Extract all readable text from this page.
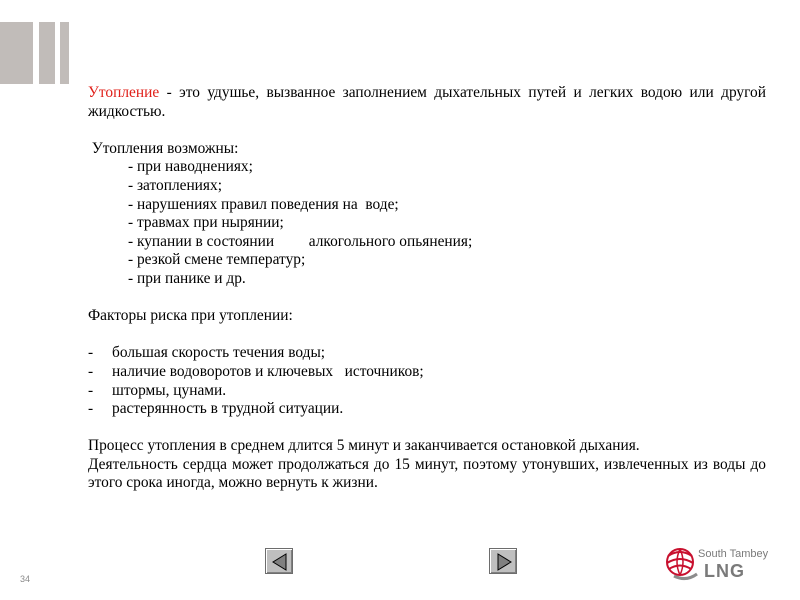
Утопление - это удушье, вызванное заполнением дыхательных путей и легких водою или другой жидкостью.

Утопления возможны:

- при наводнениях;

- затоплениях;

- нарушениях правил поведения на  воде;

- травмах при нырянии;

- купании в состоянии         алкогольного опьянения;

- резкой смене температур;

- при панике и др.

Факторы риска при утоплении:

-	большая скорость течения воды;
-	наличие водоворотов и ключевых   источников;
-	штормы, цунами.
-	растерянность в трудной ситуации.

Процесс утопления в среднем длится 5 минут и заканчивается остановкой дыхания.

Деятельность сердца может продолжаться до 15 минут, поэтому утонувших, извлеченных из воды до этого срока иногда, можно вернуть к жизни.

34
South Tambey
LNG
